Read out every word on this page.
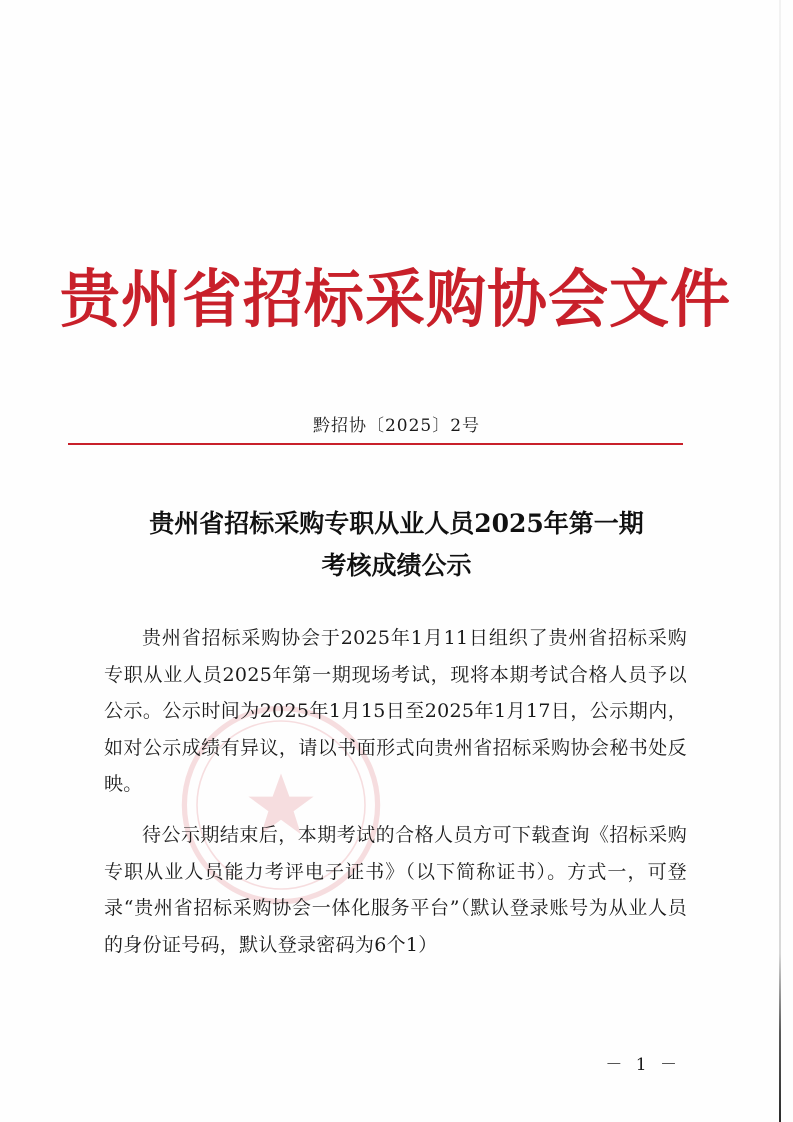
贵州省招标采购协会文件
黔招协〔2025〕2号
贵州省招标采购专职从业人员2025年第一期
考核成绩公示

贵州省招标采购协会于2025年1月11日组织了贵州省招标采购专职从业人员2025年第一期现场考试，现将本期考试合格人员予以公示。公示时间为2025年1月15日至2025年1月17日，公示期内，如对公示成绩有异议，请以书面形式向贵州省招标采购协会秘书处反映。

待公示期结束后，本期考试的合格人员方可下载查询《招标采购专职从业人员能力考评电子证书》（以下简称证书）。方式一，可登录“贵州省招标采购协会一体化服务平台”（默认登录账号为从业人员的身份证号码，默认登录密码为6个1）

－ 1 －
